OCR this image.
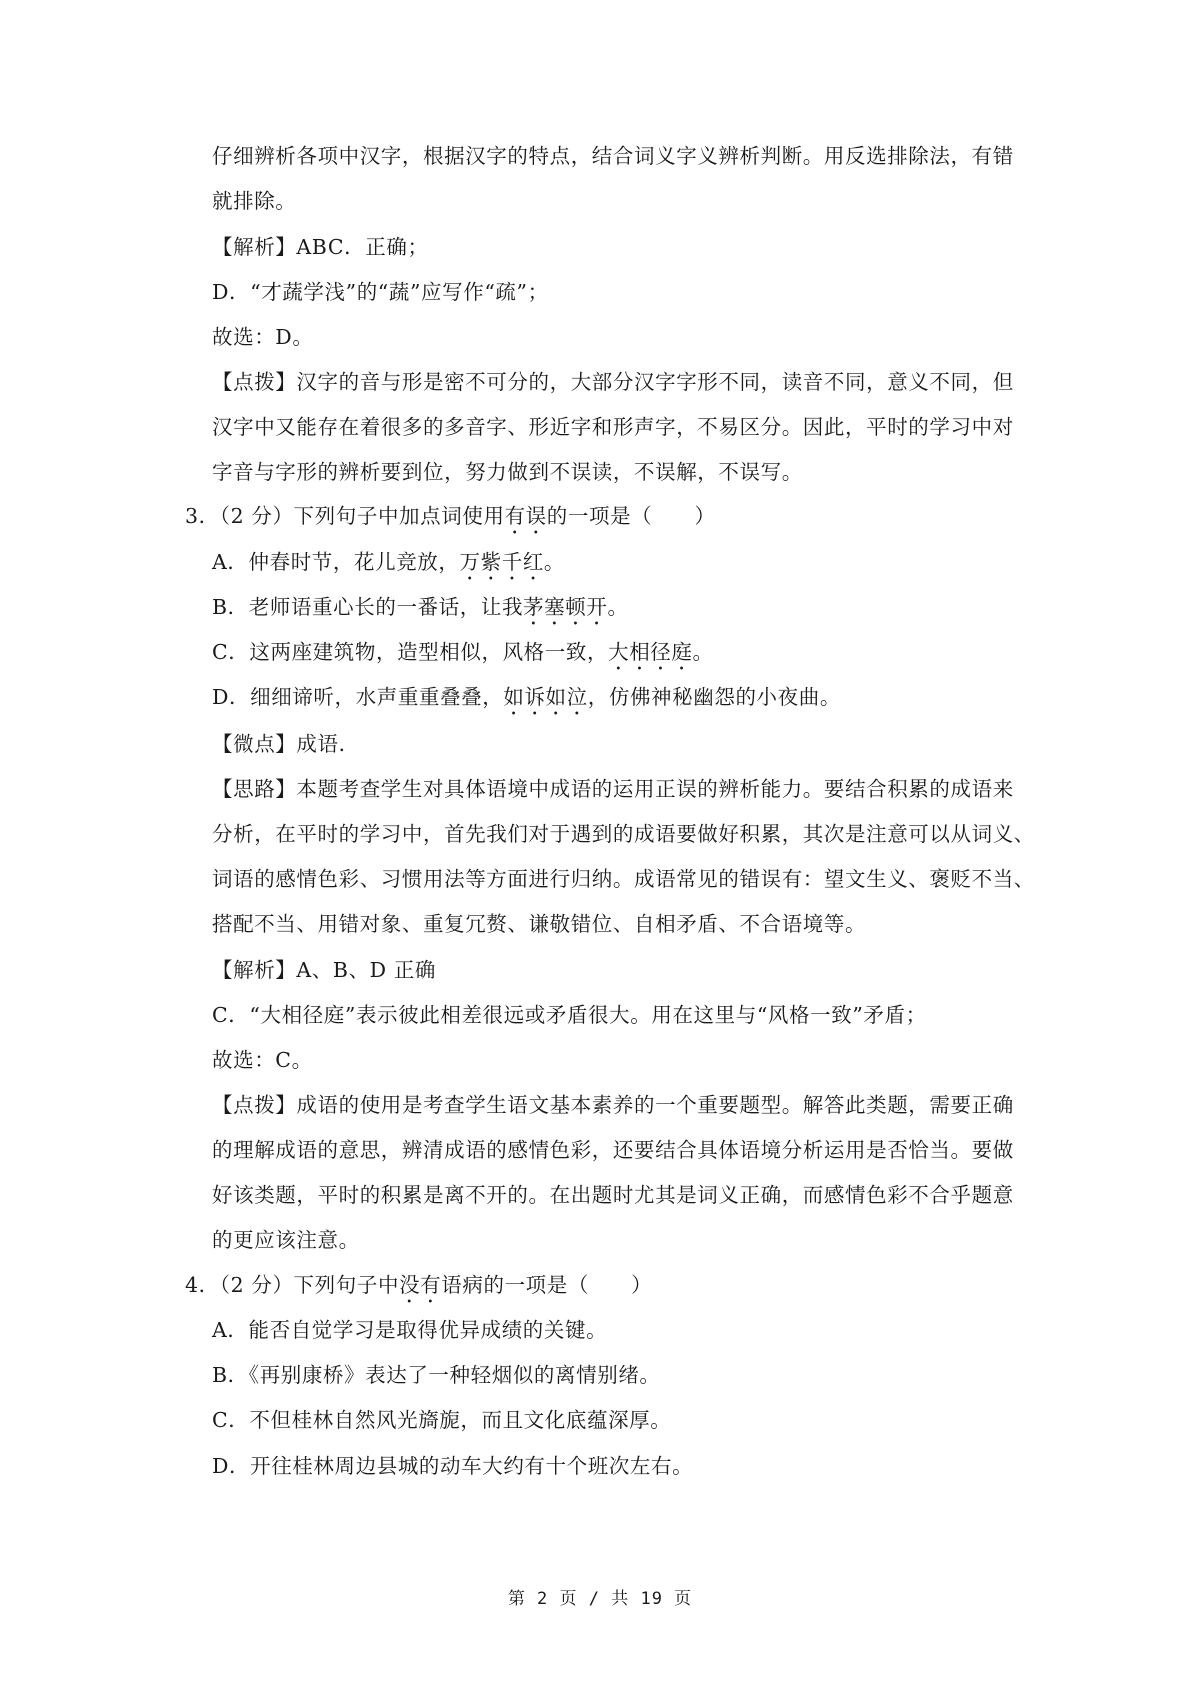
仔细辨析各项中汉字，根据汉字的特点，结合词义字义辨析判断。用反选排除法，有错
就排除。
【解析】ABC．正确；
D．“才蔬学浅”的“蔬”应写作“疏”；
故选：D。
【点拨】汉字的音与形是密不可分的，大部分汉字字形不同，读音不同，意义不同，但
汉字中又能存在着很多的多音字、形近字和形声字，不易区分。因此，平时的学习中对
字音与字形的辨析要到位，努力做到不误读，不误解，不误写。
3．（2 分）下列句子中加点词使用有误的一项是（　　）
A．仲春时节，花儿竞放，万紫千红。
B．老师语重心长的一番话，让我茅塞顿开。
C．这两座建筑物，造型相似，风格一致，大相径庭。
D．细细谛听，水声重重叠叠，如诉如泣，仿佛神秘幽怨的小夜曲。
【微点】成语．
【思路】本题考查学生对具体语境中成语的运用正误的辨析能力。要结合积累的成语来
分析，在平时的学习中，首先我们对于遇到的成语要做好积累，其次是注意可以从词义、
词语的感情色彩、习惯用法等方面进行归纳。成语常见的错误有：望文生义、褒贬不当、
搭配不当、用错对象、重复冗赘、谦敬错位、自相矛盾、不合语境等。
【解析】A、B、D 正确
C．“大相径庭”表示彼此相差很远或矛盾很大。用在这里与“风格一致”矛盾；
故选：C。
【点拨】成语的使用是考查学生语文基本素养的一个重要题型。解答此类题，需要正确
的理解成语的意思，辨清成语的感情色彩，还要结合具体语境分析运用是否恰当。要做
好该类题，平时的积累是离不开的。在出题时尤其是词义正确，而感情色彩不合乎题意
的更应该注意。
4．（2 分）下列句子中没有语病的一项是（　　）
A．能否自觉学习是取得优异成绩的关键。
B．《再别康桥》表达了一种轻烟似的离情别绪。
C．不但桂林自然风光旖旎，而且文化底蕴深厚。
D．开往桂林周边县城的动车大约有十个班次左右。
第 2 页 / 共 19 页
